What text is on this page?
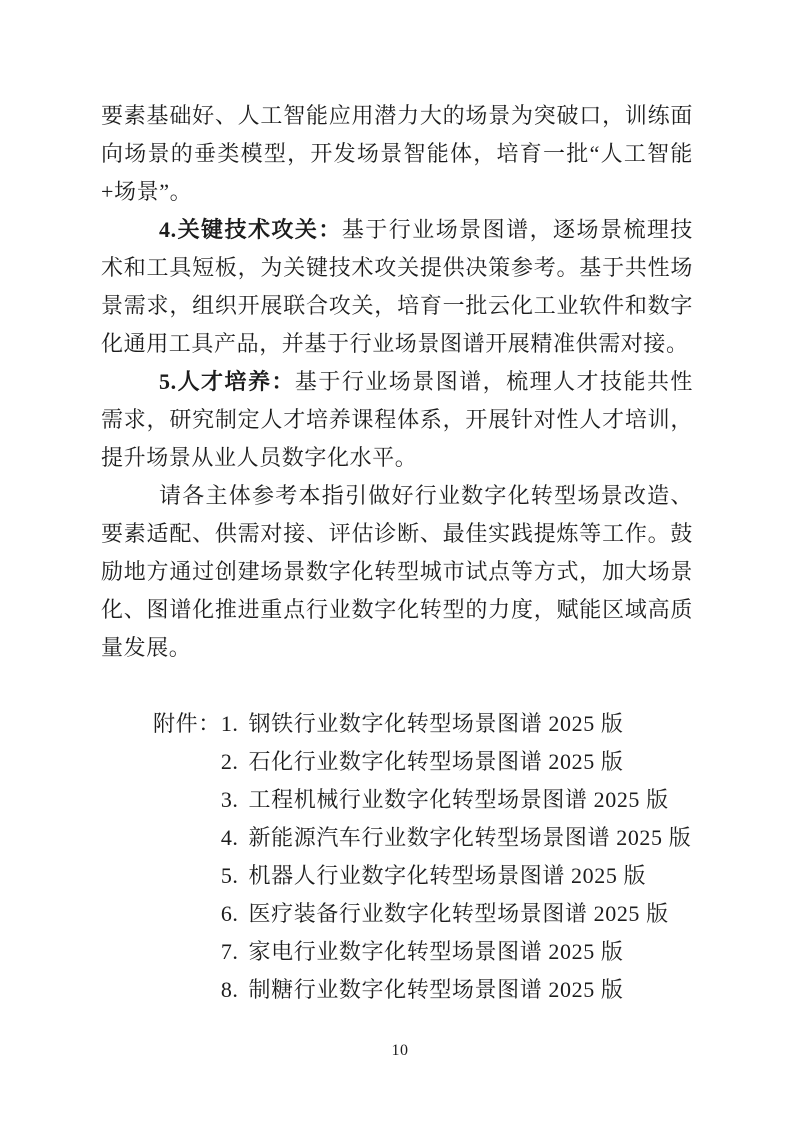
要素基础好、人工智能应用潜力大的场景为突破口，训练面向场景的垂类模型，开发场景智能体，培育一批“人工智能+场景”。

4.关键技术攻关：基于行业场景图谱，逐场景梳理技术和工具短板，为关键技术攻关提供决策参考。基于共性场景需求，组织开展联合攻关，培育一批云化工业软件和数字化通用工具产品，并基于行业场景图谱开展精准供需对接。

5.人才培养：基于行业场景图谱，梳理人才技能共性需求，研究制定人才培养课程体系，开展针对性人才培训，提升场景从业人员数字化水平。

请各主体参考本指引做好行业数字化转型场景改造、要素适配、供需对接、评估诊断、最佳实践提炼等工作。鼓励地方通过创建场景数字化转型城市试点等方式，加大场景化、图谱化推进重点行业数字化转型的力度，赋能区域高质量发展。

附件： 1. 钢铁行业数字化转型场景图谱 2025 版
2. 石化行业数字化转型场景图谱 2025 版
3. 工程机械行业数字化转型场景图谱 2025 版
4. 新能源汽车行业数字化转型场景图谱 2025 版
5. 机器人行业数字化转型场景图谱 2025 版
6. 医疗装备行业数字化转型场景图谱 2025 版
7. 家电行业数字化转型场景图谱 2025 版
8. 制糖行业数字化转型场景图谱 2025 版
10
